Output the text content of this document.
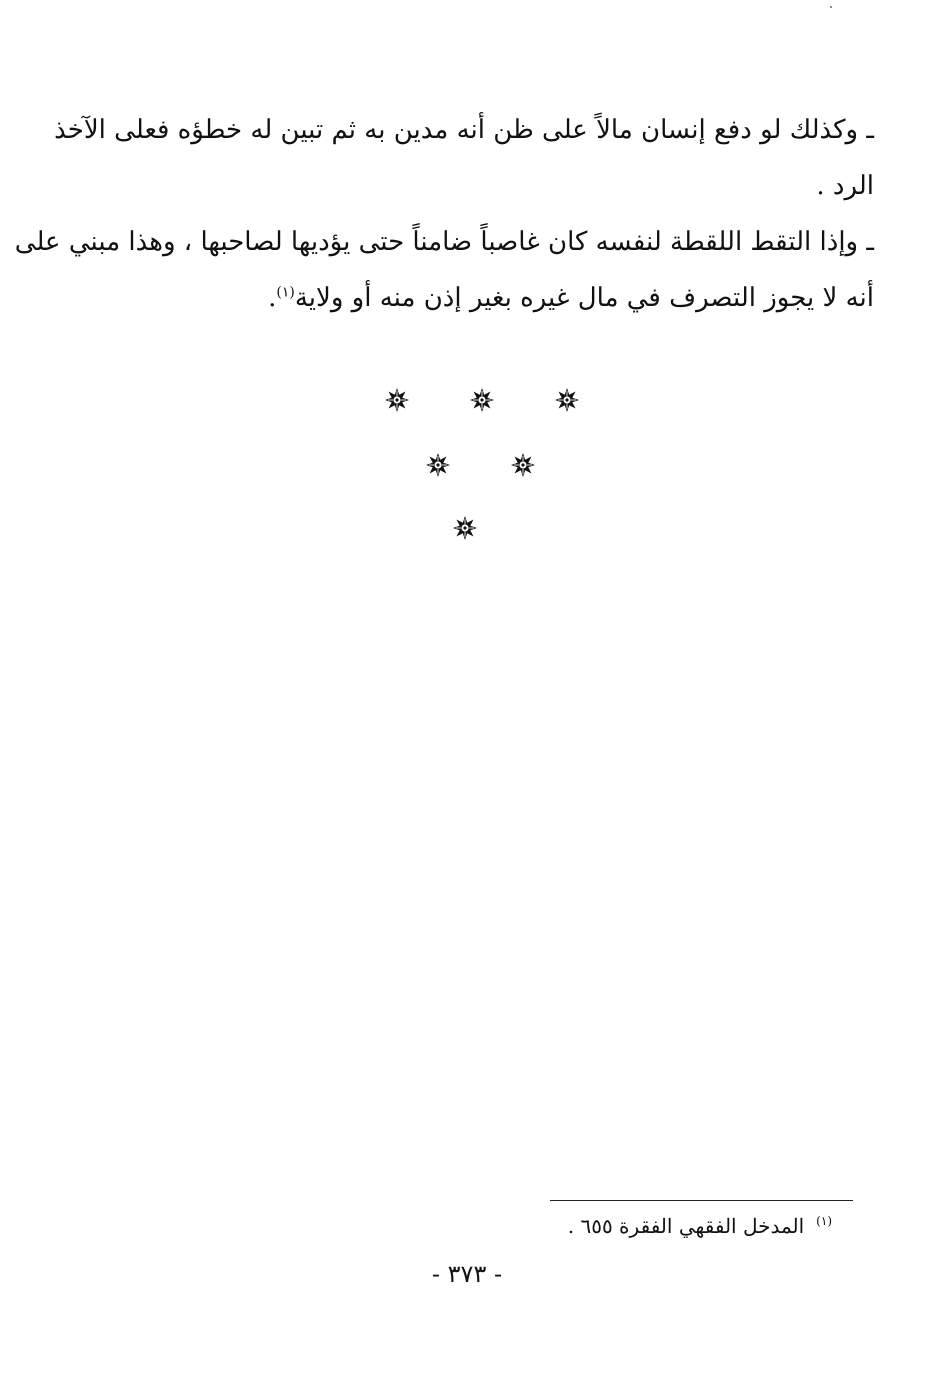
ـ وكذلك لو دفع إنسان مالاً على ظن أنه مدين به ثم تبين له خطؤه فعلى الآخذ
الرد .
ـ وإذا التقط اللقطة لنفسه كان غاصباً ضامناً حتى يؤديها لصاحبها ، وهذا مبني على
أنه لا يجوز التصرف في مال غيره بغير إذن منه أو ولاية$^{(١)}$.
$^{(١)}$المدخل الفقهي الفقرة ٦٥٥ .
- ٣٧٣ -
